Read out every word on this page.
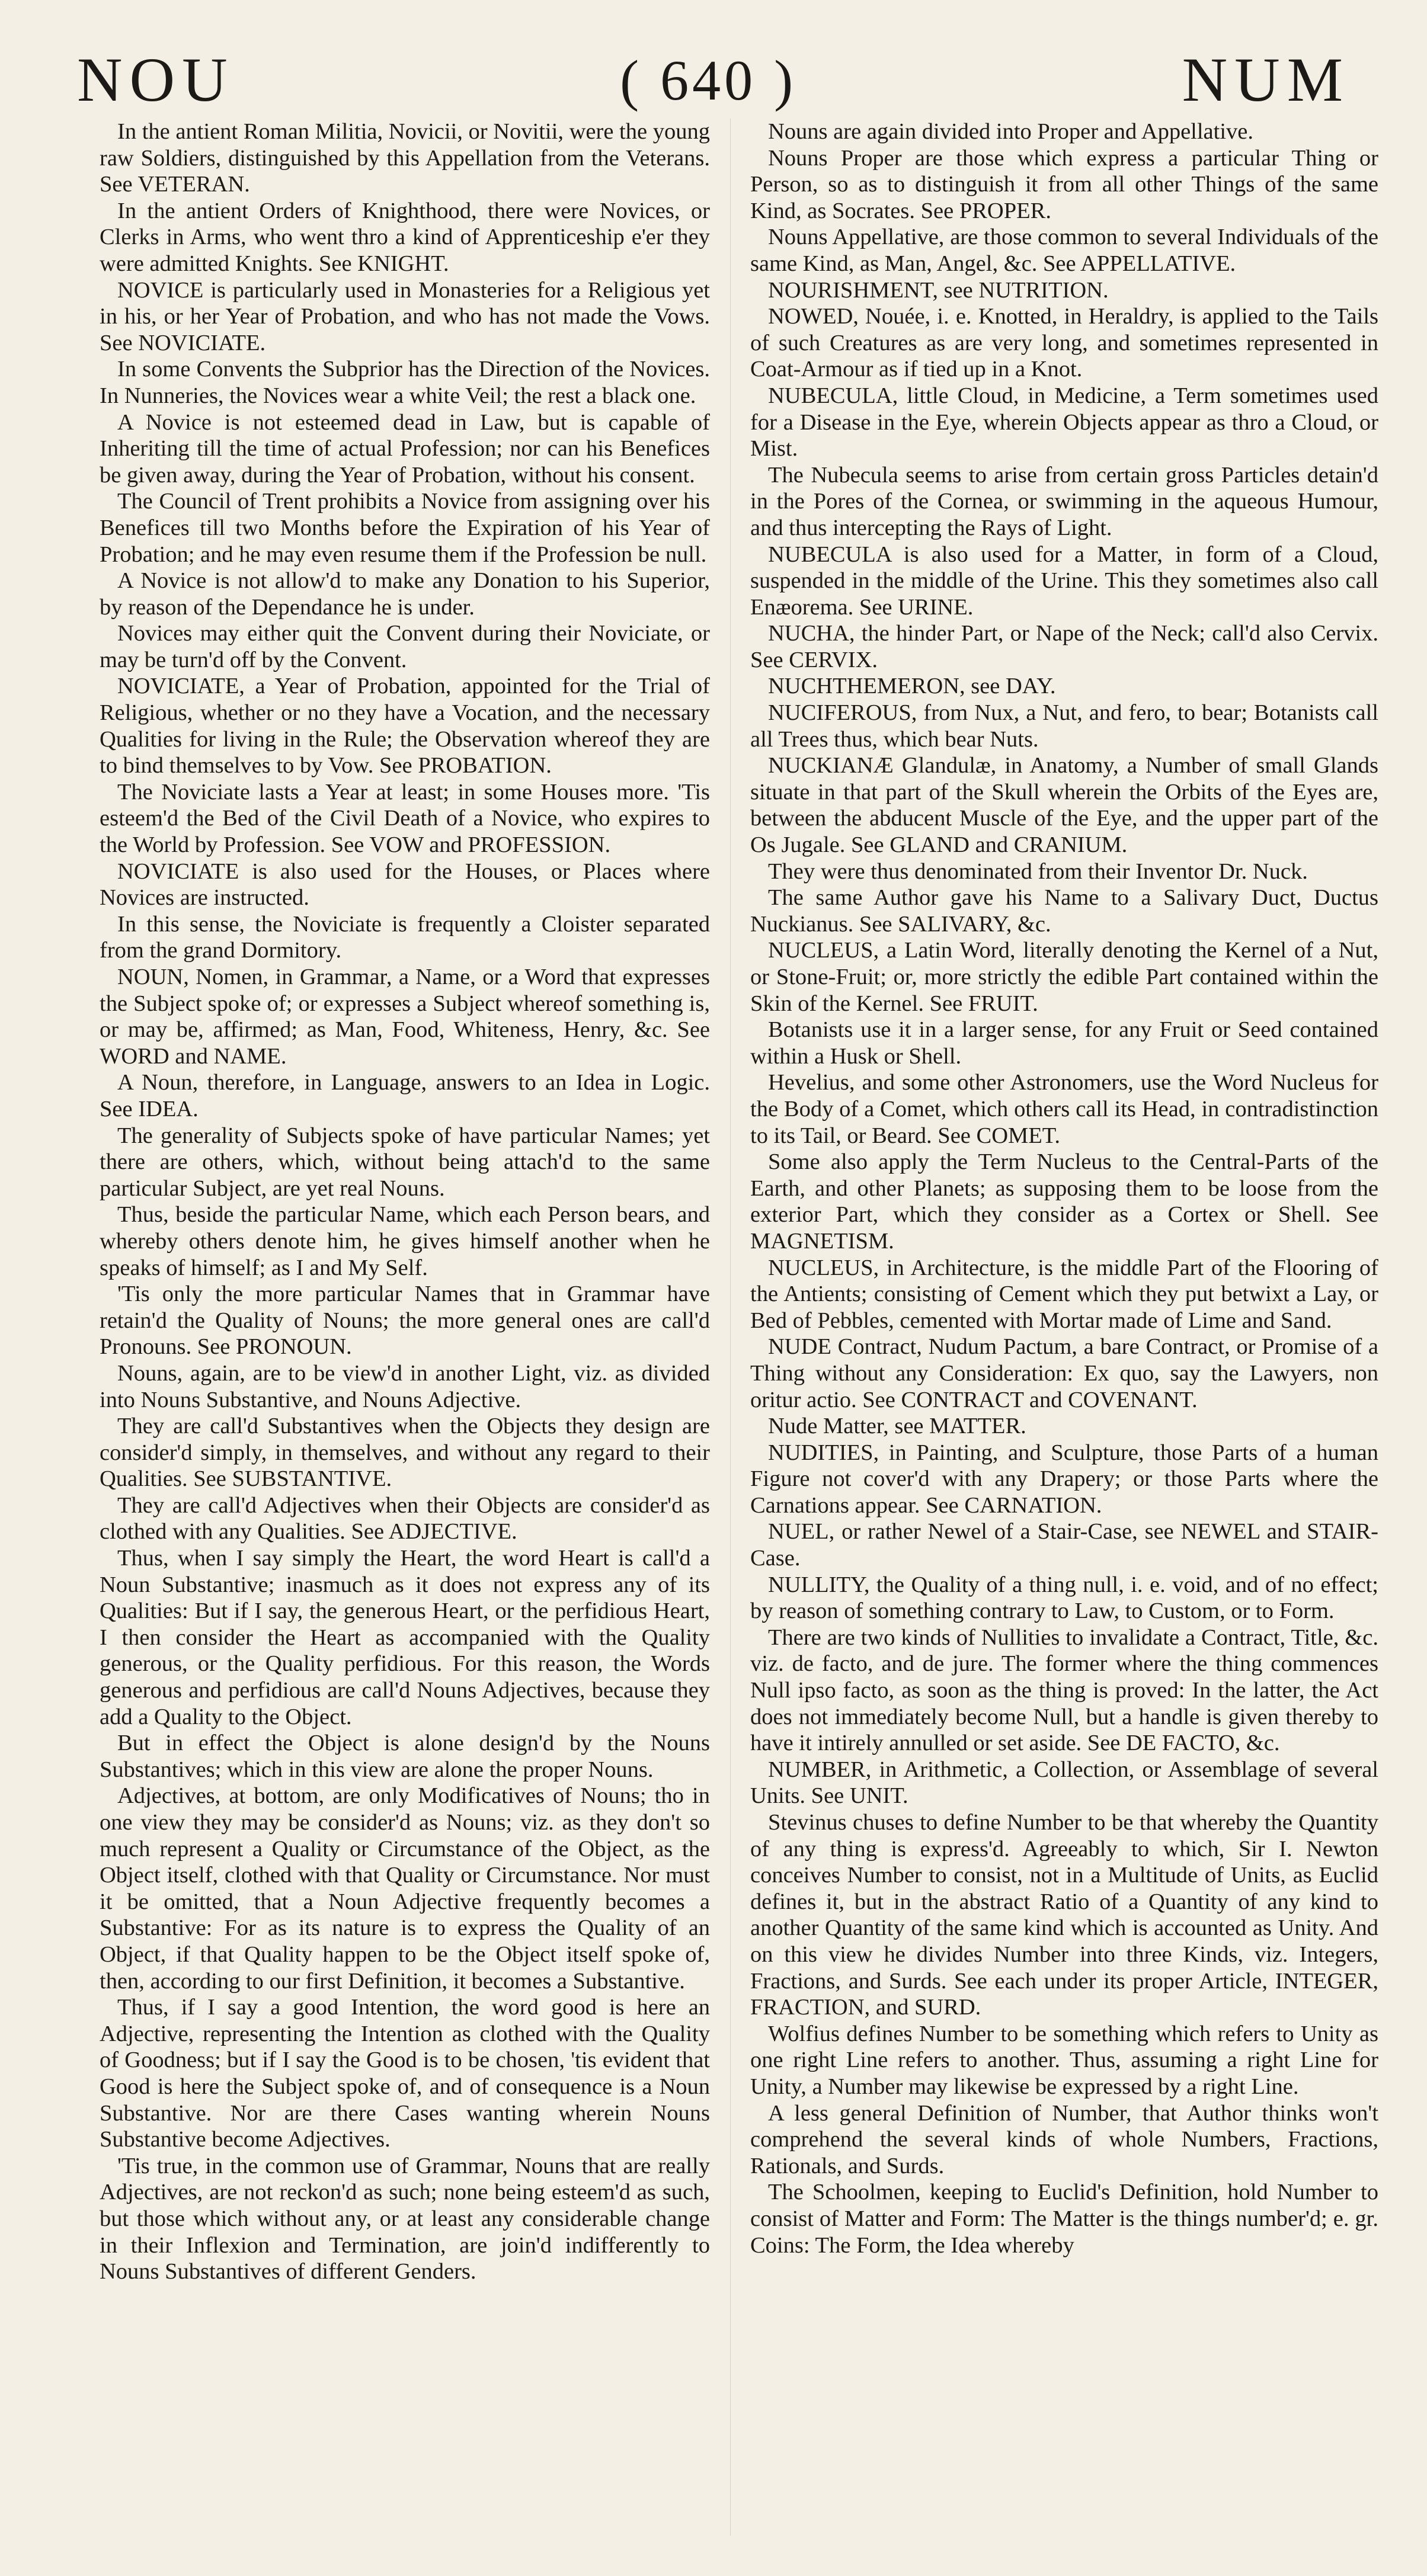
NOU	( 640 )	NUM

In the antient Roman Militia, Novicii, or Novitii, were the young raw Soldiers, distinguished by this Appellation from the Veterans. See VETERAN.

In the antient Orders of Knighthood, there were Novices, or Clerks in Arms, who went thro a kind of Apprenticeship e'er they were admitted Knights. See KNIGHT.

NOVICE is particularly used in Monasteries for a Religious yet in his, or her Year of Probation, and who has not made the Vows. See NOVICIATE.

In some Convents the Subprior has the Direction of the Novices. In Nunneries, the Novices wear a white Veil; the rest a black one.

A Novice is not esteemed dead in Law, but is capable of Inheriting till the time of actual Profession; nor can his Benefices be given away, during the Year of Probation, without his consent.

The Council of Trent prohibits a Novice from assigning over his Benefices till two Months before the Expiration of his Year of Probation; and he may even resume them if the Profession be null.

A Novice is not allow'd to make any Donation to his Superior, by reason of the Dependance he is under.

Novices may either quit the Convent during their Noviciate, or may be turn'd off by the Convent.

NOVICIATE, a Year of Probation, appointed for the Trial of Religious, whether or no they have a Vocation, and the necessary Qualities for living in the Rule; the Observation whereof they are to bind themselves to by Vow. See PROBATION.

The Noviciate lasts a Year at least; in some Houses more. 'Tis esteem'd the Bed of the Civil Death of a Novice, who expires to the World by Profession. See VOW and PROFESSION.

NOVICIATE is also used for the Houses, or Places where Novices are instructed.

In this sense, the Noviciate is frequently a Cloister separated from the grand Dormitory.

NOUN, Nomen, in Grammar, a Name, or a Word that expresses the Subject spoke of; or expresses a Subject whereof something is, or may be, affirmed; as Man, Food, Whiteness, Henry, &c. See WORD and NAME.

A Noun, therefore, in Language, answers to an Idea in Logic. See IDEA.

The generality of Subjects spoke of have particular Names; yet there are others, which, without being attach'd to the same particular Subject, are yet real Nouns.

Thus, beside the particular Name, which each Person bears, and whereby others denote him, he gives himself another when he speaks of himself; as I and My Self.

'Tis only the more particular Names that in Grammar have retain'd the Quality of Nouns; the more general ones are call'd Pronouns. See PRONOUN.

Nouns, again, are to be view'd in another Light, viz. as divided into Nouns Substantive, and Nouns Adjective.

They are call'd Substantives when the Objects they design are consider'd simply, in themselves, and without any regard to their Qualities. See SUBSTANTIVE.

They are call'd Adjectives when their Objects are consider'd as clothed with any Qualities. See ADJECTIVE.

Thus, when I say simply the Heart, the word Heart is call'd a Noun Substantive; inasmuch as it does not express any of its Qualities: But if I say, the generous Heart, or the perfidious Heart, I then consider the Heart as accompanied with the Quality generous, or the Quality perfidious. For this reason, the Words generous and perfidious are call'd Nouns Adjectives, because they add a Quality to the Object.

But in effect the Object is alone design'd by the Nouns Substantives; which in this view are alone the proper Nouns.

Adjectives, at bottom, are only Modificatives of Nouns; tho in one view they may be consider'd as Nouns; viz. as they don't so much represent a Quality or Circumstance of the Object, as the Object itself, clothed with that Quality or Circumstance. Nor must it be omitted, that a Noun Adjective frequently becomes a Substantive: For as its nature is to express the Quality of an Object, if that Quality happen to be the Object itself spoke of, then, according to our first Definition, it becomes a Substantive.

Thus, if I say a good Intention, the word good is here an Adjective, representing the Intention as clothed with the Quality of Goodness; but if I say the Good is to be chosen, 'tis evident that Good is here the Subject spoke of, and of consequence is a Noun Substantive. Nor are there Cases wanting wherein Nouns Substantive become Adjectives.

'Tis true, in the common use of Grammar, Nouns that are really Adjectives, are not reckon'd as such; none being esteem'd as such, but those which without any, or at least any considerable change in their Inflexion and Termination, are join'd indifferently to Nouns Substantives of different Genders.

Nouns are again divided into Proper and Appellative.

Nouns Proper are those which express a particular Thing or Person, so as to distinguish it from all other Things of the same Kind, as Socrates. See PROPER.

Nouns Appellative, are those common to several Individuals of the same Kind, as Man, Angel, &c. See APPELLATIVE.

NOURISHMENT, see NUTRITION.

NOWED, Nouée, i. e. Knotted, in Heraldry, is applied to the Tails of such Creatures as are very long, and sometimes represented in Coat-Armour as if tied up in a Knot.

NUBECULA, little Cloud, in Medicine, a Term sometimes used for a Disease in the Eye, wherein Objects appear as thro a Cloud, or Mist.

The Nubecula seems to arise from certain gross Particles detain'd in the Pores of the Cornea, or swimming in the aqueous Humour, and thus intercepting the Rays of Light.

NUBECULA is also used for a Matter, in form of a Cloud, suspended in the middle of the Urine. This they sometimes also call Enæorema. See URINE.

NUCHA, the hinder Part, or Nape of the Neck; call'd also Cervix. See CERVIX.

NUCHTHEMERON, see DAY.

NUCIFEROUS, from Nux, a Nut, and fero, to bear; Botanists call all Trees thus, which bear Nuts.

NUCKIANÆ Glandulæ, in Anatomy, a Number of small Glands situate in that part of the Skull wherein the Orbits of the Eyes are, between the abducent Muscle of the Eye, and the upper part of the Os Jugale. See GLAND and CRANIUM.

They were thus denominated from their Inventor Dr. Nuck.

The same Author gave his Name to a Salivary Duct, Ductus Nuckianus. See SALIVARY, &c.

NUCLEUS, a Latin Word, literally denoting the Kernel of a Nut, or Stone-Fruit; or, more strictly the edible Part contained within the Skin of the Kernel. See FRUIT.

Botanists use it in a larger sense, for any Fruit or Seed contained within a Husk or Shell.

Hevelius, and some other Astronomers, use the Word Nucleus for the Body of a Comet, which others call its Head, in contradistinction to its Tail, or Beard. See COMET.

Some also apply the Term Nucleus to the Central-Parts of the Earth, and other Planets; as supposing them to be loose from the exterior Part, which they consider as a Cortex or Shell. See MAGNETISM.

NUCLEUS, in Architecture, is the middle Part of the Flooring of the Antients; consisting of Cement which they put betwixt a Lay, or Bed of Pebbles, cemented with Mortar made of Lime and Sand.

NUDE Contract, Nudum Pactum, a bare Contract, or Promise of a Thing without any Consideration: Ex quo, say the Lawyers, non oritur actio. See CONTRACT and COVENANT.

Nude Matter, see MATTER.

NUDITIES, in Painting, and Sculpture, those Parts of a human Figure not cover'd with any Drapery; or those Parts where the Carnations appear. See CARNATION.

NUEL, or rather Newel of a Stair-Case, see NEWEL and STAIR-Case.

NULLITY, the Quality of a thing null, i. e. void, and of no effect; by reason of something contrary to Law, to Custom, or to Form.

There are two kinds of Nullities to invalidate a Contract, Title, &c. viz. de facto, and de jure. The former where the thing commences Null ipso facto, as soon as the thing is proved: In the latter, the Act does not immediately become Null, but a handle is given thereby to have it intirely annulled or set aside. See DE FACTO, &c.

NUMBER, in Arithmetic, a Collection, or Assemblage of several Units. See UNIT.

Stevinus chuses to define Number to be that whereby the Quantity of any thing is express'd. Agreeably to which, Sir I. Newton conceives Number to consist, not in a Multitude of Units, as Euclid defines it, but in the abstract Ratio of a Quantity of any kind to another Quantity of the same kind which is accounted as Unity. And on this view he divides Number into three Kinds, viz. Integers, Fractions, and Surds. See each under its proper Article, INTEGER, FRACTION, and SURD.

Wolfius defines Number to be something which refers to Unity as one right Line refers to another. Thus, assuming a right Line for Unity, a Number may likewise be expressed by a right Line.

A less general Definition of Number, that Author thinks won't comprehend the several kinds of whole Numbers, Fractions, Rationals, and Surds.

The Schoolmen, keeping to Euclid's Definition, hold Number to consist of Matter and Form: The Matter is the things number'd; e. gr. Coins: The Form, the Idea whereby
